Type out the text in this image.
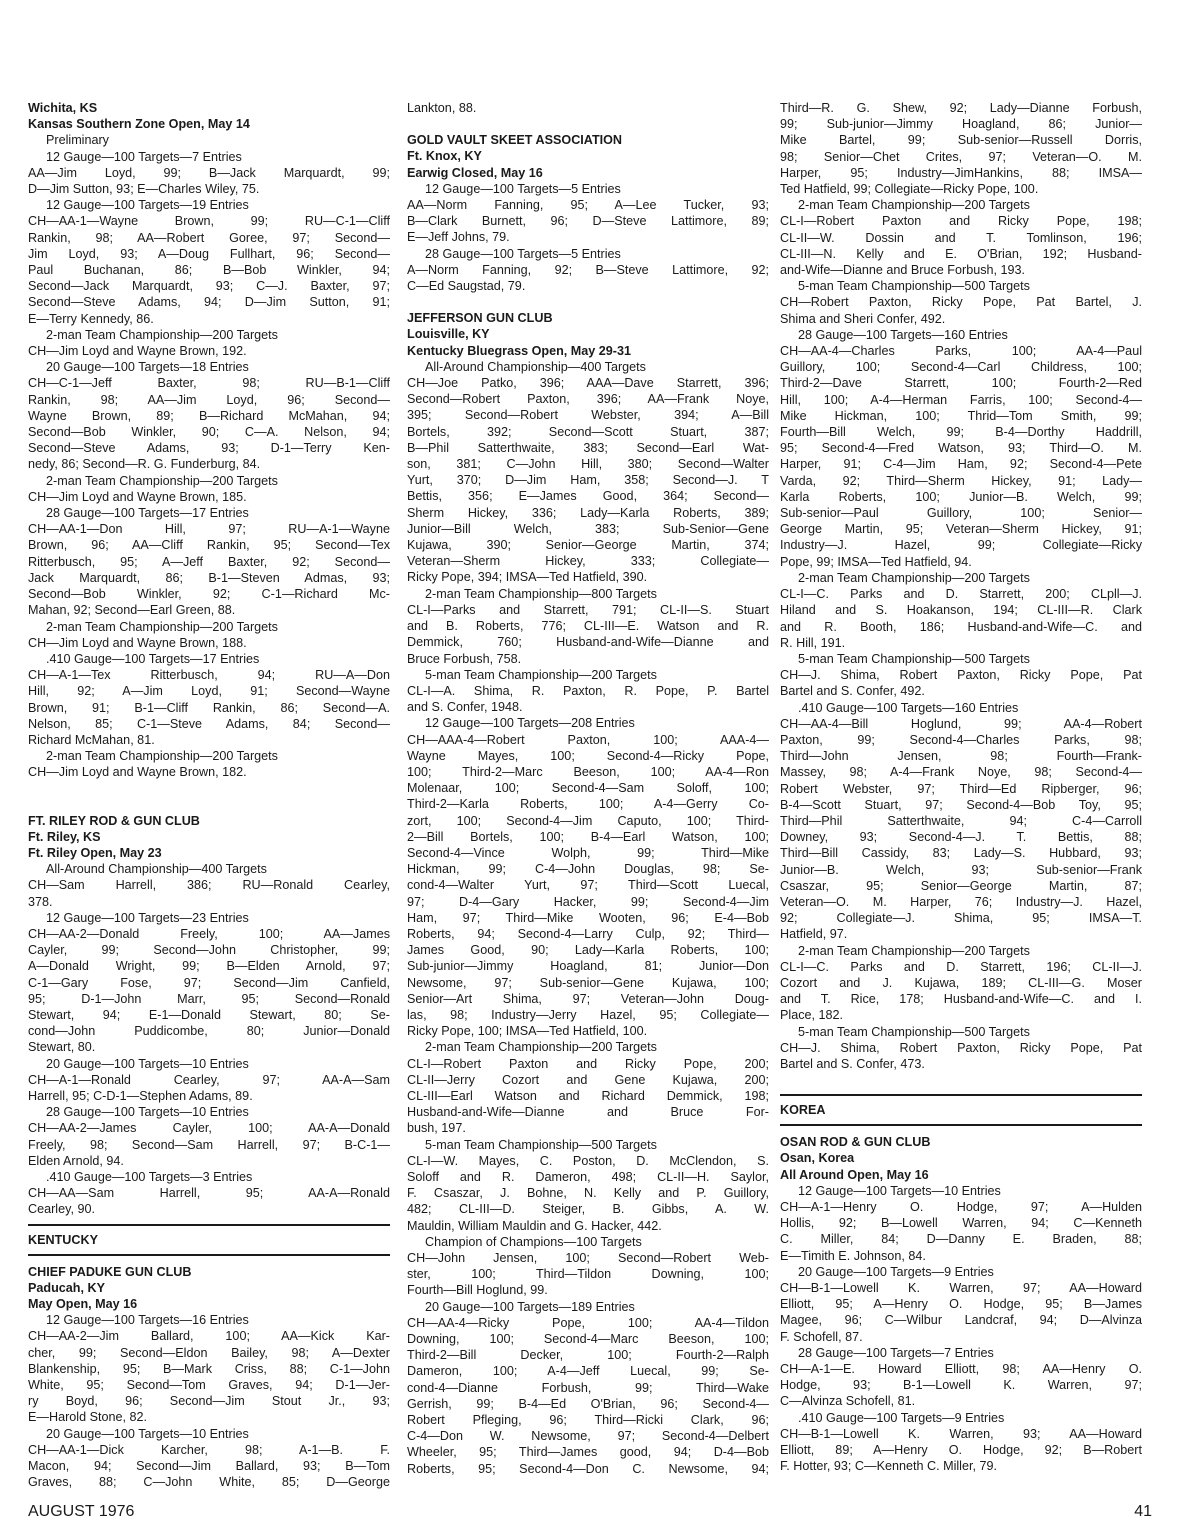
Wichita, KS
Kansas Southern Zone Open, May 14
Preliminary
12 Gauge—100 Targets—7 Entries
AA—Jim Loyd, 99; B—Jack Marquardt, 99;
D—Jim Sutton, 93; E—Charles Wiley, 75.
12 Gauge—100 Targets—19 Entries
CH—AA-1—Wayne Brown, 99; RU—C-1—Cliff
Rankin, 98; AA—Robert Goree, 97; Second—
Jim Loyd, 93; A—Doug Fullhart, 96; Second—
Paul Buchanan, 86; B—Bob Winkler, 94;
Second—Jack Marquardt, 93; C—J. Baxter, 97;
Second—Steve Adams, 94; D—Jim Sutton, 91;
E—Terry Kennedy, 86.
2-man Team Championship—200 Targets
CH—Jim Loyd and Wayne Brown, 192.
20 Gauge—100 Targets—18 Entries
CH—C-1—Jeff Baxter, 98; RU—B-1—Cliff
Rankin, 98; AA—Jim Loyd, 96; Second—
Wayne Brown, 89; B—Richard McMahan, 94;
Second—Bob Winkler, 90; C—A. Nelson, 94;
Second—Steve Adams, 93; D-1—Terry Ken-
nedy, 86; Second—R. G. Funderburg, 84.
2-man Team Championship—200 Targets
CH—Jim Loyd and Wayne Brown, 185.
28 Gauge—100 Targets—17 Entries
CH—AA-1—Don Hill, 97; RU—A-1—Wayne
Brown, 96; AA—Cliff Rankin, 95; Second—Tex
Ritterbusch, 95; A—Jeff Baxter, 92; Second—
Jack Marquardt, 86; B-1—Steven Admas, 93;
Second—Bob Winkler, 92; C-1—Richard Mc-
Mahan, 92; Second—Earl Green, 88.
2-man Team Championship—200 Targets
CH—Jim Loyd and Wayne Brown, 188.
.410 Gauge—100 Targets—17 Entries
CH—A-1—Tex Ritterbusch, 94; RU—A—Don
Hill, 92; A—Jim Loyd, 91; Second—Wayne
Brown, 91; B-1—Cliff Rankin, 86; Second—A.
Nelson, 85; C-1—Steve Adams, 84; Second—
Richard McMahan, 81.
2-man Team Championship—200 Targets
CH—Jim Loyd and Wayne Brown, 182.
FT. RILEY ROD & GUN CLUB
Ft. Riley, KS
Ft. Riley Open, May 23
All-Around Championship—400 Targets
CH—Sam Harrell, 386; RU—Ronald Cearley,
378.
12 Gauge—100 Targets—23 Entries
CH—AA-2—Donald Freely, 100; AA—James
Cayler, 99; Second—John Christopher, 99;
A—Donald Wright, 99; B—Elden Arnold, 97;
C-1—Gary Fose, 97; Second—Jim Canfield,
95; D-1—John Marr, 95; Second—Ronald
Stewart, 94; E-1—Donald Stewart, 80; Se-
cond—John Puddicombe, 80; Junior—Donald
Stewart, 80.
20 Gauge—100 Targets—10 Entries
CH—A-1—Ronald Cearley, 97; AA-A—Sam
Harrell, 95; C-D-1—Stephen Adams, 89.
28 Gauge—100 Targets—10 Entries
CH—AA-2—James Cayler, 100; AA-A—Donald
Freely, 98; Second—Sam Harrell, 97; B-C-1—
Elden Arnold, 94.
.410 Gauge—100 Targets—3 Entries
CH—AA—Sam Harrell, 95; AA-A—Ronald
Cearley, 90.
KENTUCKY
CHIEF PADUKE GUN CLUB
Paducah, KY
May Open, May 16
12 Gauge—100 Targets—16 Entries
CH—AA-2—Jim Ballard, 100; AA—Kick Kar-
cher, 99; Second—Eldon Bailey, 98; A—Dexter
Blankenship, 95; B—Mark Criss, 88; C-1—John
White, 95; Second—Tom Graves, 94; D-1—Jer-
ry Boyd, 96; Second—Jim Stout Jr., 93;
E—Harold Stone, 82.
20 Gauge—100 Targets—10 Entries
CH—AA-1—Dick Karcher, 98; A-1—B. F.
Macon, 94; Second—Jim Ballard, 93; B—Tom
Graves, 88; C—John White, 85; D—George
Lankton, 88.
GOLD VAULT SKEET ASSOCIATION
Ft. Knox, KY
Earwig Closed, May 16
12 Gauge—100 Targets—5 Entries
AA—Norm Fanning, 95; A—Lee Tucker, 93;
B—Clark Burnett, 96; D—Steve Lattimore, 89;
E—Jeff Johns, 79.
28 Gauge—100 Targets—5 Entries
A—Norm Fanning, 92; B—Steve Lattimore, 92;
C—Ed Saugstad, 79.
JEFFERSON GUN CLUB
Louisville, KY
Kentucky Bluegrass Open, May 29-31
All-Around Championship—400 Targets
CH—Joe Patko, 396; AAA—Dave Starrett, 396;
Second—Robert Paxton, 396; AA—Frank Noye,
395; Second—Robert Webster, 394; A—Bill
Bortels, 392; Second—Scott Stuart, 387;
B—Phil Satterthwaite, 383; Second—Earl Wat-
son, 381; C—John Hill, 380; Second—Walter
Yurt, 370; D—Jim Ham, 358; Second—J. T
Bettis, 356; E—James Good, 364; Second—
Sherm Hickey, 336; Lady—Karla Roberts, 389;
Junior—Bill Welch, 383; Sub-Senior—Gene
Kujawa, 390; Senior—George Martin, 374;
Veteran—Sherm Hickey, 333; Collegiate—
Ricky Pope, 394; IMSA—Ted Hatfield, 390.
2-man Team Championship—800 Targets
CL-I—Parks and Starrett, 791; CL-II—S. Stuart
and B. Roberts, 776; CL-III—E. Watson and R.
Demmick, 760; Husband-and-Wife—Dianne and
Bruce Forbush, 758.
5-man Team Championship—200 Targets
CL-I—A. Shima, R. Paxton, R. Pope, P. Bartel
and S. Confer, 1948.
12 Gauge—100 Targets—208 Entries
CH—AAA-4—Robert Paxton, 100; AAA-4—
Wayne Mayes, 100; Second-4—Ricky Pope,
100; Third-2—Marc Beeson, 100; AA-4—Ron
Molenaar, 100; Second-4—Sam Soloff, 100;
Third-2—Karla Roberts, 100; A-4—Gerry Co-
zort, 100; Second-4—Jim Caputo, 100; Third-
2—Bill Bortels, 100; B-4—Earl Watson, 100;
Second-4—Vince Wolph, 99; Third—Mike
Hickman, 99; C-4—John Douglas, 98; Se-
cond-4—Walter Yurt, 97; Third—Scott Luecal,
97; D-4—Gary Hacker, 99; Second-4—Jim
Ham, 97; Third—Mike Wooten, 96; E-4—Bob
Roberts, 94; Second-4—Larry Culp, 92; Third—
James Good, 90; Lady—Karla Roberts, 100;
Sub-junior—Jimmy Hoagland, 81; Junior—Don
Newsome, 97; Sub-senior—Gene Kujawa, 100;
Senior—Art Shima, 97; Veteran—John Doug-
las, 98; Industry—Jerry Hazel, 95; Collegiate—
Ricky Pope, 100; IMSA—Ted Hatfield, 100.
2-man Team Championship—200 Targets
CL-I—Robert Paxton and Ricky Pope, 200;
CL-II—Jerry Cozort and Gene Kujawa, 200;
CL-III—Earl Watson and Richard Demmick, 198;
Husband-and-Wife—Dianne and Bruce For-
bush, 197.
5-man Team Championship—500 Targets
CL-I—W. Mayes, C. Poston, D. McClendon, S.
Soloff and R. Dameron, 498; CL-II—H. Saylor,
F. Csaszar, J. Bohne, N. Kelly and P. Guillory,
482; CL-III—D. Steiger, B. Gibbs, A. W.
Mauldin, William Mauldin and G. Hacker, 442.
Champion of Champions—100 Targets
CH—John Jensen, 100; Second—Robert Web-
ster, 100; Third—Tildon Downing, 100;
Fourth—Bill Hoglund, 99.
20 Gauge—100 Targets—189 Entries
CH—AA-4—Ricky Pope, 100; AA-4—Tildon
Downing, 100; Second-4—Marc Beeson, 100;
Third-2—Bill Decker, 100; Fourth-2—Ralph
Dameron, 100; A-4—Jeff Luecal, 99; Se-
cond-4—Dianne Forbush, 99; Third—Wake
Gerrish, 99; B-4—Ed O'Brian, 96; Second-4—
Robert Pfleging, 96; Third—Ricki Clark, 96;
C-4—Don W. Newsome, 97; Second-4—Delbert
Wheeler, 95; Third—James good, 94; D-4—Bob
Roberts, 95; Second-4—Don C. Newsome, 94;
Third—R. G. Shew, 92; Lady—Dianne Forbush,
99; Sub-junior—Jimmy Hoagland, 86; Junior—
Mike Bartel, 99; Sub-senior—Russell Dorris,
98; Senior—Chet Crites, 97; Veteran—O. M.
Harper, 95; Industry—JimHankins, 88; IMSA—
Ted Hatfield, 99; Collegiate—Ricky Pope, 100.
2-man Team Championship—200 Targets
CL-I—Robert Paxton and Ricky Pope, 198;
CL-II—W. Dossin and T. Tomlinson, 196;
CL-III—N. Kelly and E. O'Brian, 192; Husband-
and-Wife—Dianne and Bruce Forbush, 193.
5-man Team Championship—500 Targets
CH—Robert Paxton, Ricky Pope, Pat Bartel, J.
Shima and Sheri Confer, 492.
28 Gauge—100 Targets—160 Entries
CH—AA-4—Charles Parks, 100; AA-4—Paul
Guillory, 100; Second-4—Carl Childress, 100;
Third-2—Dave Starrett, 100; Fourth-2—Red
Hill, 100; A-4—Herman Farris, 100; Second-4—
Mike Hickman, 100; Thrid—Tom Smith, 99;
Fourth—Bill Welch, 99; B-4—Dorthy Haddrill,
95; Second-4—Fred Watson, 93; Third—O. M.
Harper, 91; C-4—Jim Ham, 92; Second-4—Pete
Varda, 92; Third—Sherm Hickey, 91; Lady—
Karla Roberts, 100; Junior—B. Welch, 99;
Sub-senior—Paul Guillory, 100; Senior—
George Martin, 95; Veteran—Sherm Hickey, 91;
Industry—J. Hazel, 99; Collegiate—Ricky
Pope, 99; IMSA—Ted Hatfield, 94.
2-man Team Championship—200 Targets
CL-I—C. Parks and D. Starrett, 200; CLpll—J.
Hiland and S. Hoakanson, 194; CL-III—R. Clark
and R. Booth, 186; Husband-and-Wife—C. and
R. Hill, 191.
5-man Team Championship—500 Targets
CH—J. Shima, Robert Paxton, Ricky Pope, Pat
Bartel and S. Confer, 492.
.410 Gauge—100 Targets—160 Entries
CH—AA-4—Bill Hoglund, 99; AA-4—Robert
Paxton, 99; Second-4—Charles Parks, 98;
Third—John Jensen, 98; Fourth—Frank-
Massey, 98; A-4—Frank Noye, 98; Second-4—
Robert Webster, 97; Third—Ed Ripberger, 96;
B-4—Scott Stuart, 97; Second-4—Bob Toy, 95;
Third—Phil Satterthwaite, 94; C-4—Carroll
Downey, 93; Second-4—J. T. Bettis, 88;
Third—Bill Cassidy, 83; Lady—S. Hubbard, 93;
Junior—B. Welch, 93; Sub-senior—Frank
Csaszar, 95; Senior—George Martin, 87;
Veteran—O. M. Harper, 76; Industry—J. Hazel,
92; Collegiate—J. Shima, 95; IMSA—T.
Hatfield, 97.
2-man Team Championship—200 Targets
CL-I—C. Parks and D. Starrett, 196; CL-II—J.
Cozort and J. Kujawa, 189; CL-III—G. Moser
and T. Rice, 178; Husband-and-Wife—C. and I.
Place, 182.
5-man Team Championship—500 Targets
CH—J. Shima, Robert Paxton, Ricky Pope, Pat
Bartel and S. Confer, 473.
KOREA
OSAN ROD & GUN CLUB
Osan, Korea
All Around Open, May 16
12 Gauge—100 Targets—10 Entries
CH—A-1—Henry O. Hodge, 97; A—Hulden
Hollis, 92; B—Lowell Warren, 94; C—Kenneth
C. Miller, 84; D—Danny E. Braden, 88;
E—Timith E. Johnson, 84.
20 Gauge—100 Targets—9 Entries
CH—B-1—Lowell K. Warren, 97; AA—Howard
Elliott, 95; A—Henry O. Hodge, 95; B—James
Magee, 96; C—Wilbur Landcraf, 94; D—Alvinza
F. Schofell, 87.
28 Gauge—100 Targets—7 Entries
CH—A-1—E. Howard Elliott, 98; AA—Henry O.
Hodge, 93; B-1—Lowell K. Warren, 97;
C—Alvinza Schofell, 81.
.410 Gauge—100 Targets—9 Entries
CH—B-1—Lowell K. Warren, 93; AA—Howard
Elliott, 89; A—Henry O. Hodge, 92; B—Robert
F. Hotter, 93; C—Kenneth C. Miller, 79.
AUGUST 1976	41
